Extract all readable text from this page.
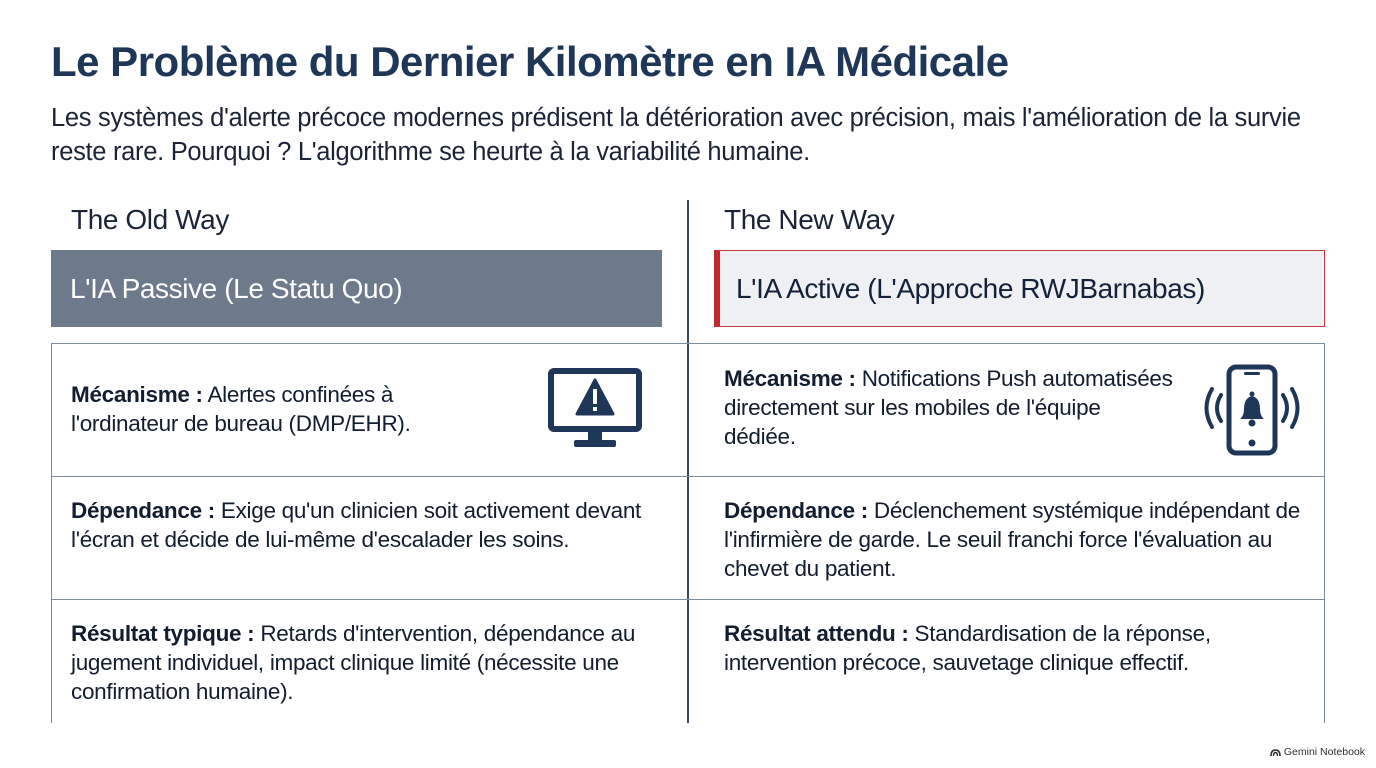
Le Problème du Dernier Kilomètre en IA Médicale

Les systèmes d'alerte précoce modernes prédisent la détérioration avec précision, mais l'amélioration de la survie reste rare. Pourquoi ? L'algorithme se heurte à la variabilité humaine.

The Old Way	The New Way
L'IA Passive (Le Statu Quo)	L'IA Active (L'Approche RWJBarnabas)
Mécanisme : Alertes confinées à l'ordinateur de bureau (DMP/EHR).
Dépendance : Exige qu'un clinicien soit activement devant l'écran et décide de lui-même d'escalader les soins.
Résultat typique : Retards d'intervention, dépendance au jugement individuel, impact clinique limité (nécessite une confirmation humaine).
Mécanisme : Notifications Push automatisées directement sur les mobiles de l'équipe dédiée.
Dépendance : Déclenchement systémique indépendant de l'infirmière de garde. Le seuil franchi force l'évaluation au chevet du patient.
Résultat attendu : Standardisation de la réponse, intervention précoce, sauvetage clinique effectif.
Gemini Notebook
